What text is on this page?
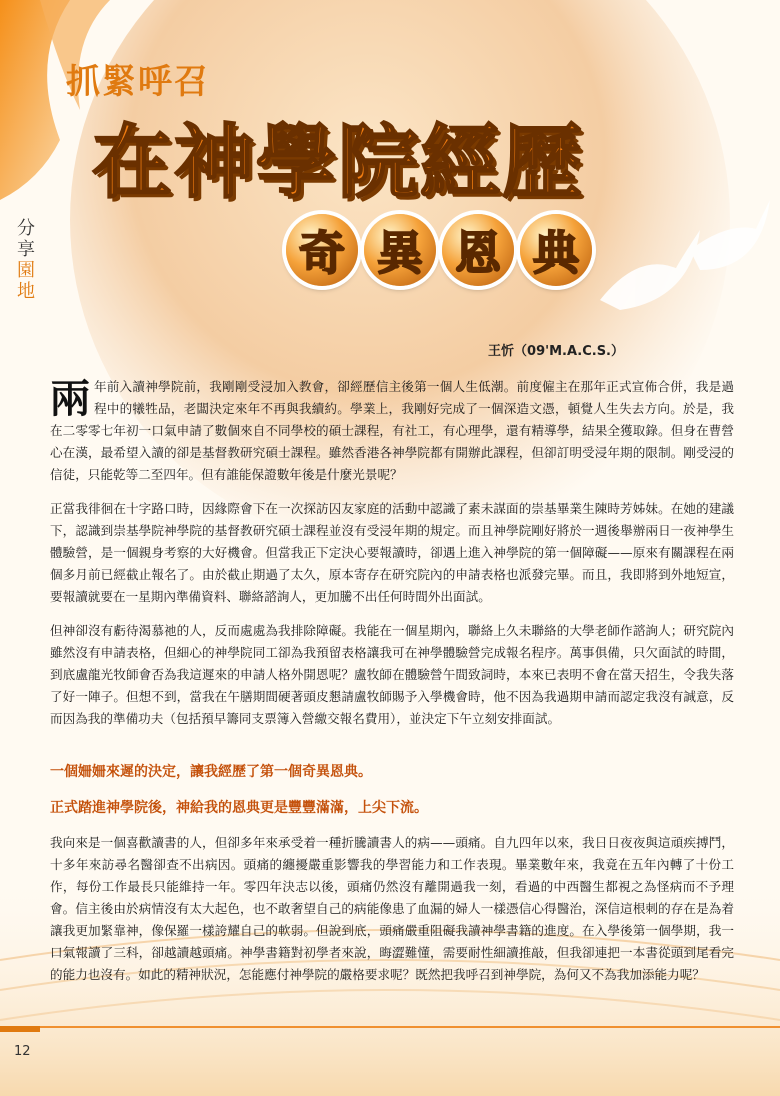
分享
園地
抓緊呼召
在神學院經歷
奇 異 恩 典
王忻（09'M.A.C.S.）

兩年前入讀神學院前，我剛剛受浸加入教會，卻經歷信主後第一個人生低潮。前度僱主在那年正式宣佈合併，我是過程中的犧牲品，老闆決定來年不再與我續約。學業上，我剛好完成了一個深造文憑，頓覺人生失去方向。於是，我在二零零七年初一口氣申請了數個來自不同學校的碩士課程，有社工，有心理學，還有精導學，結果全獲取錄。但身在曹營心在漢，最希望入讀的卻是基督教研究碩士課程。雖然香港各神學院都有開辦此課程，但卻訂明受浸年期的限制。剛受浸的信徒，只能乾等二至四年。但有誰能保證數年後是什麼光景呢？

正當我徘徊在十字路口時，因緣際會下在一次探訪囚友家庭的活動中認識了素未謀面的崇基畢業生陳時芳姊妹。在她的建議下，認識到崇基學院神學院的基督教研究碩士課程並沒有受浸年期的規定。而且神學院剛好將於一週後舉辦兩日一夜神學生體驗營，是一個親身考察的大好機會。但當我正下定決心要報讀時，卻遇上進入神學院的第一個障礙——原來有關課程在兩個多月前已經截止報名了。由於截止期過了太久，原本寄存在研究院內的申請表格也派發完畢。而且，我即將到外地短宣，要報讀就要在一星期內準備資料、聯絡諮詢人，更加騰不出任何時間外出面試。

但神卻沒有虧待渴慕祂的人，反而處處為我排除障礙。我能在一個星期內，聯絡上久未聯絡的大學老師作諮詢人；研究院內雖然沒有申請表格，但細心的神學院同工卻為我預留表格讓我可在神學體驗營完成報名程序。萬事俱備，只欠面試的時間，到底盧龍光牧師會否為我這遲來的申請人格外開恩呢？盧牧師在體驗營午間致詞時，本來已表明不會在當天招生，令我失落了好一陣子。但想不到，當我在午膳期間硬著頭皮懇請盧牧師賜予入學機會時，他不因為我過期申請而認定我沒有誠意，反而因為我的準備功夫（包括預早籌同支票簿入營繳交報名費用），並決定下午立刻安排面試。

一個姍姍來遲的決定，讓我經歷了第一個奇異恩典。

正式踏進神學院後，神給我的恩典更是豐豐滿滿，上尖下流。

我向來是一個喜歡讀書的人，但卻多年來承受着一種折騰讀書人的病——頭痛。自九四年以來，我日日夜夜與這頑疾搏鬥，十多年來訪尋名醫卻查不出病因。頭痛的纏擾嚴重影響我的學習能力和工作表現。畢業數年來，我竟在五年內轉了十份工作，每份工作最長只能維持一年。零四年決志以後，頭痛仍然沒有離開過我一刻，看過的中西醫生都視之為怪病而不予理會。信主後由於病情沒有太大起色，也不敢奢望自己的病能像患了血漏的婦人一樣憑信心得醫治，深信這根刺的存在是為着讓我更加緊靠神，像保羅一樣誇耀自己的軟弱。但說到底，頭痛嚴重阻礙我讀神學書籍的進度。在入學後第一個學期，我一口氣報讀了三科，卻越讀越頭痛。神學書籍對初學者來說，晦澀難懂，需要耐性細讀推敲，但我卻連把一本書從頭到尾看完的能力也沒有。如此的精神狀況，怎能應付神學院的嚴格要求呢？既然把我呼召到神學院，為何又不為我加添能力呢？

12
